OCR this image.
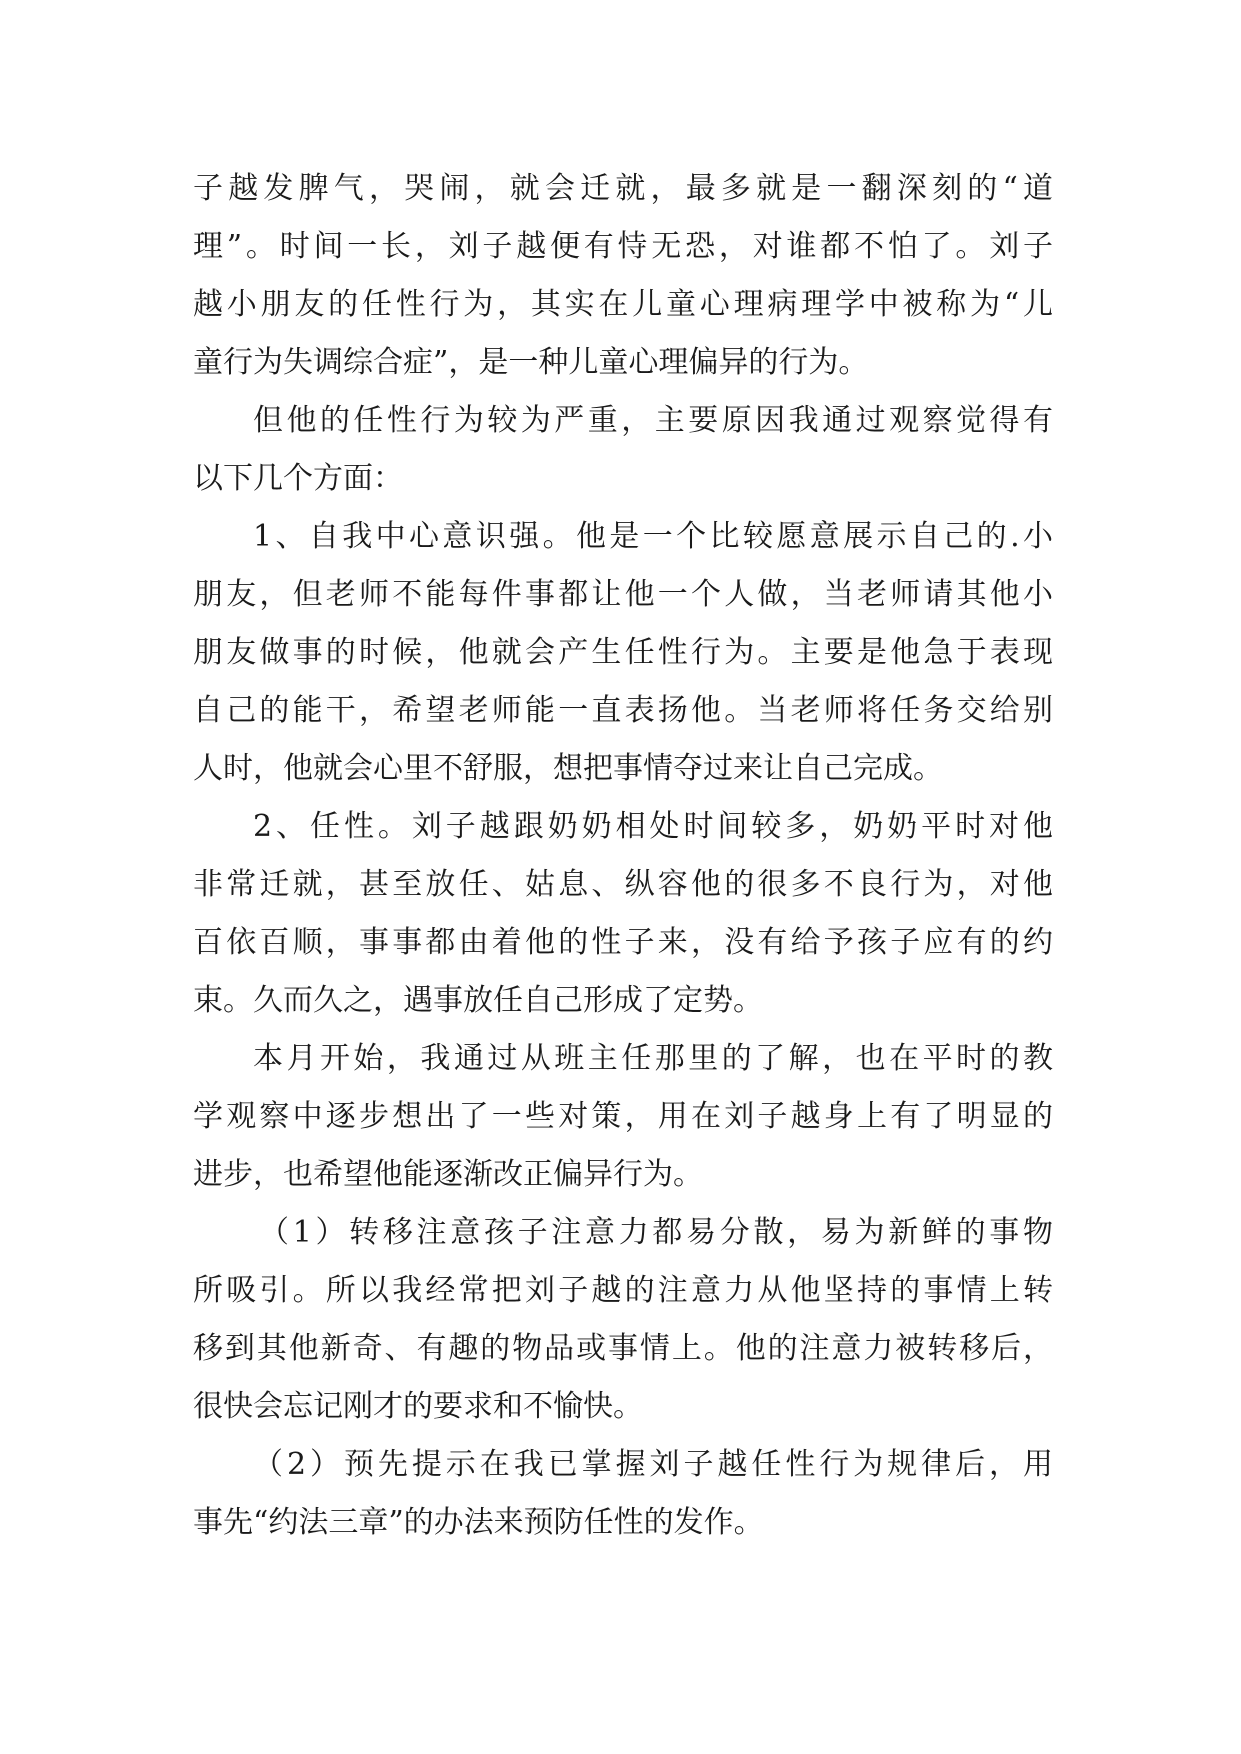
子越发脾气，哭闹，就会迁就，最多就是一翻深刻的“道
理”。时间一长，刘子越便有恃无恐，对谁都不怕了。刘子
越小朋友的任性行为，其实在儿童心理病理学中被称为“儿
童行为失调综合症”，是一种儿童心理偏异的行为。
但他的任性行为较为严重，主要原因我通过观察觉得有
以下几个方面：
1、自我中心意识强。他是一个比较愿意展示自己的.小
朋友，但老师不能每件事都让他一个人做，当老师请其他小
朋友做事的时候，他就会产生任性行为。主要是他急于表现
自己的能干，希望老师能一直表扬他。当老师将任务交给别
人时，他就会心里不舒服，想把事情夺过来让自己完成。
2、任性。刘子越跟奶奶相处时间较多，奶奶平时对他
非常迁就，甚至放任、姑息、纵容他的很多不良行为，对他
百依百顺，事事都由着他的性子来，没有给予孩子应有的约
束。久而久之，遇事放任自己形成了定势。
本月开始，我通过从班主任那里的了解，也在平时的教
学观察中逐步想出了一些对策，用在刘子越身上有了明显的
进步，也希望他能逐渐改正偏异行为。
（1）转移注意孩子注意力都易分散，易为新鲜的事物
所吸引。所以我经常把刘子越的注意力从他坚持的事情上转
移到其他新奇、有趣的物品或事情上。他的注意力被转移后，
很快会忘记刚才的要求和不愉快。
（2）预先提示在我已掌握刘子越任性行为规律后，用
事先“约法三章”的办法来预防任性的发作。
